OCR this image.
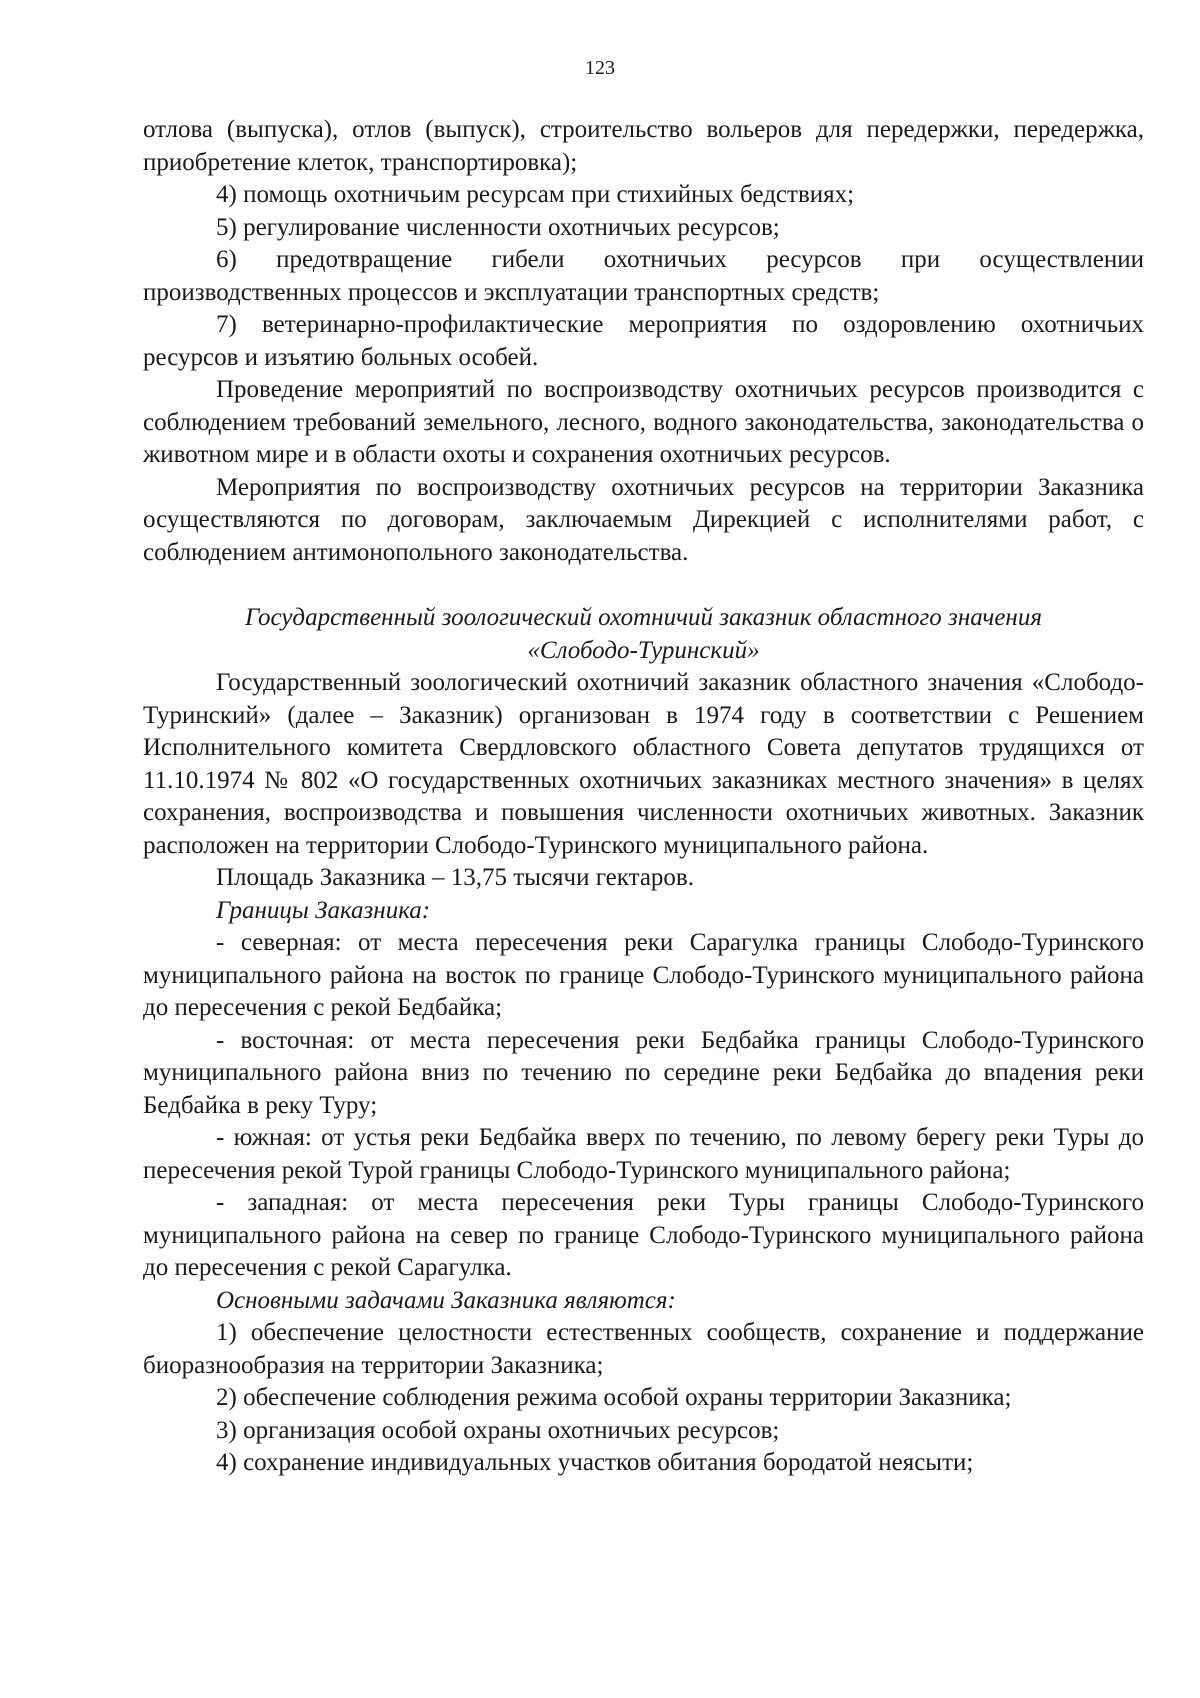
123

отлова (выпуска), отлов (выпуск), строительство вольеров для передержки, передержка, приобретение клеток, транспортировка);

4) помощь охотничьим ресурсам при стихийных бедствиях;

5) регулирование численности охотничьих ресурсов;

6) предотвращение гибели охотничьих ресурсов при осуществлении производственных процессов и эксплуатации транспортных средств;

7) ветеринарно-профилактические мероприятия по оздоровлению охотничьих ресурсов и изъятию больных особей.

Проведение мероприятий по воспроизводству охотничьих ресурсов производится с соблюдением требований земельного, лесного, водного законодательства, законодательства о животном мире и в области охоты и сохранения охотничьих ресурсов.

Мероприятия по воспроизводству охотничьих ресурсов на территории Заказника осуществляются по договорам, заключаемым Дирекцией с исполнителями работ, с соблюдением антимонопольного законодательства.

Государственный зоологический охотничий заказник областного значения
«Слободо-Туринский»

Государственный зоологический охотничий заказник областного значения «Слободо-Туринский» (далее – Заказник) организован в 1974 году в соответствии с Решением Исполнительного комитета Свердловского областного Совета депутатов трудящихся от 11.10.1974 № 802 «О государственных охотничьих заказниках местного значения» в целях сохранения, воспроизводства и повышения численности охотничьих животных. Заказник расположен на территории Слободо-Туринского муниципального района.

Площадь Заказника – 13,75 тысячи гектаров.

Границы Заказника:

- северная: от места пересечения реки Сарагулка границы Слободо-Туринского муниципального района на восток по границе Слободо-Туринского муниципального района до пересечения с рекой Бедбайка;

- восточная: от места пересечения реки Бедбайка границы Слободо-Туринского муниципального района вниз по течению по середине реки Бедбайка до впадения реки Бедбайка в реку Туру;

- южная: от устья реки Бедбайка вверх по течению, по левому берегу реки Туры до пересечения рекой Турой границы Слободо-Туринского муниципального района;

- западная: от места пересечения реки Туры границы Слободо-Туринского муниципального района на север по границе Слободо-Туринского муниципального района до пересечения с рекой Сарагулка.

Основными задачами Заказника являются:

1) обеспечение целостности естественных сообществ, сохранение и поддержание биоразнообразия на территории Заказника;

2) обеспечение соблюдения режима особой охраны территории Заказника;

3) организация особой охраны охотничьих ресурсов;

4) сохранение индивидуальных участков обитания бородатой неясыти;
